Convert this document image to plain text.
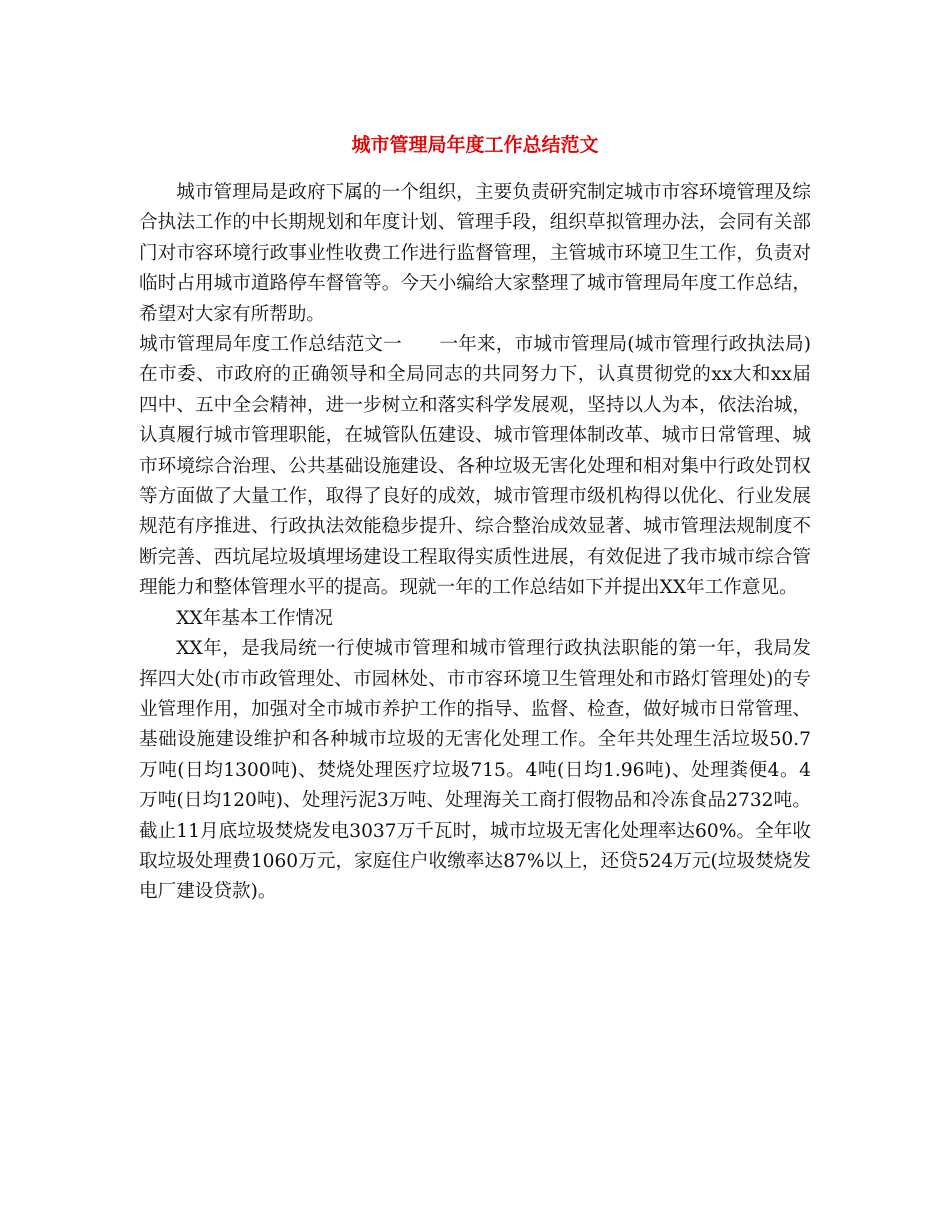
城市管理局年度工作总结范文

城市管理局是政府下属的一个组织，主要负责研究制定城市市容环境管理及综合执法工作的中长期规划和年度计划、管理手段，组织草拟管理办法，会同有关部门对市容环境行政事业性收费工作进行监督管理，主管城市环境卫生工作，负责对临时占用城市道路停车督管等。今天小编给大家整理了城市管理局年度工作总结，希望对大家有所帮助。

城市管理局年度工作总结范文一　　一年来，市城市管理局(城市管理行政执法局)在市委、市政府的正确领导和全局同志的共同努力下，认真贯彻党的xx大和xx届四中、五中全会精神，进一步树立和落实科学发展观，坚持以人为本，依法治城，认真履行城市管理职能，在城管队伍建设、城市管理体制改革、城市日常管理、城市环境综合治理、公共基础设施建设、各种垃圾无害化处理和相对集中行政处罚权等方面做了大量工作，取得了良好的成效，城市管理市级机构得以优化、行业发展规范有序推进、行政执法效能稳步提升、综合整治成效显著、城市管理法规制度不断完善、西坑尾垃圾填埋场建设工程取得实质性进展，有效促进了我市城市综合管理能力和整体管理水平的提高。现就一年的工作总结如下并提出XX年工作意见。

XX年基本工作情况

XX年，是我局统一行使城市管理和城市管理行政执法职能的第一年，我局发挥四大处(市市政管理处、市园林处、市市容环境卫生管理处和市路灯管理处)的专业管理作用，加强对全市城市养护工作的指导、监督、检查，做好城市日常管理、基础设施建设维护和各种城市垃圾的无害化处理工作。全年共处理生活垃圾50.7万吨(日均1300吨)、焚烧处理医疗垃圾715。4吨(日均1.96吨)、处理粪便4。4万吨(日均120吨)、处理污泥3万吨、处理海关工商打假物品和冷冻食品2732吨。截止11月底垃圾焚烧发电3037万千瓦时，城市垃圾无害化处理率达60%。全年收取垃圾处理费1060万元，家庭住户收缴率达87%以上，还贷524万元(垃圾焚烧发电厂建设贷款)。
